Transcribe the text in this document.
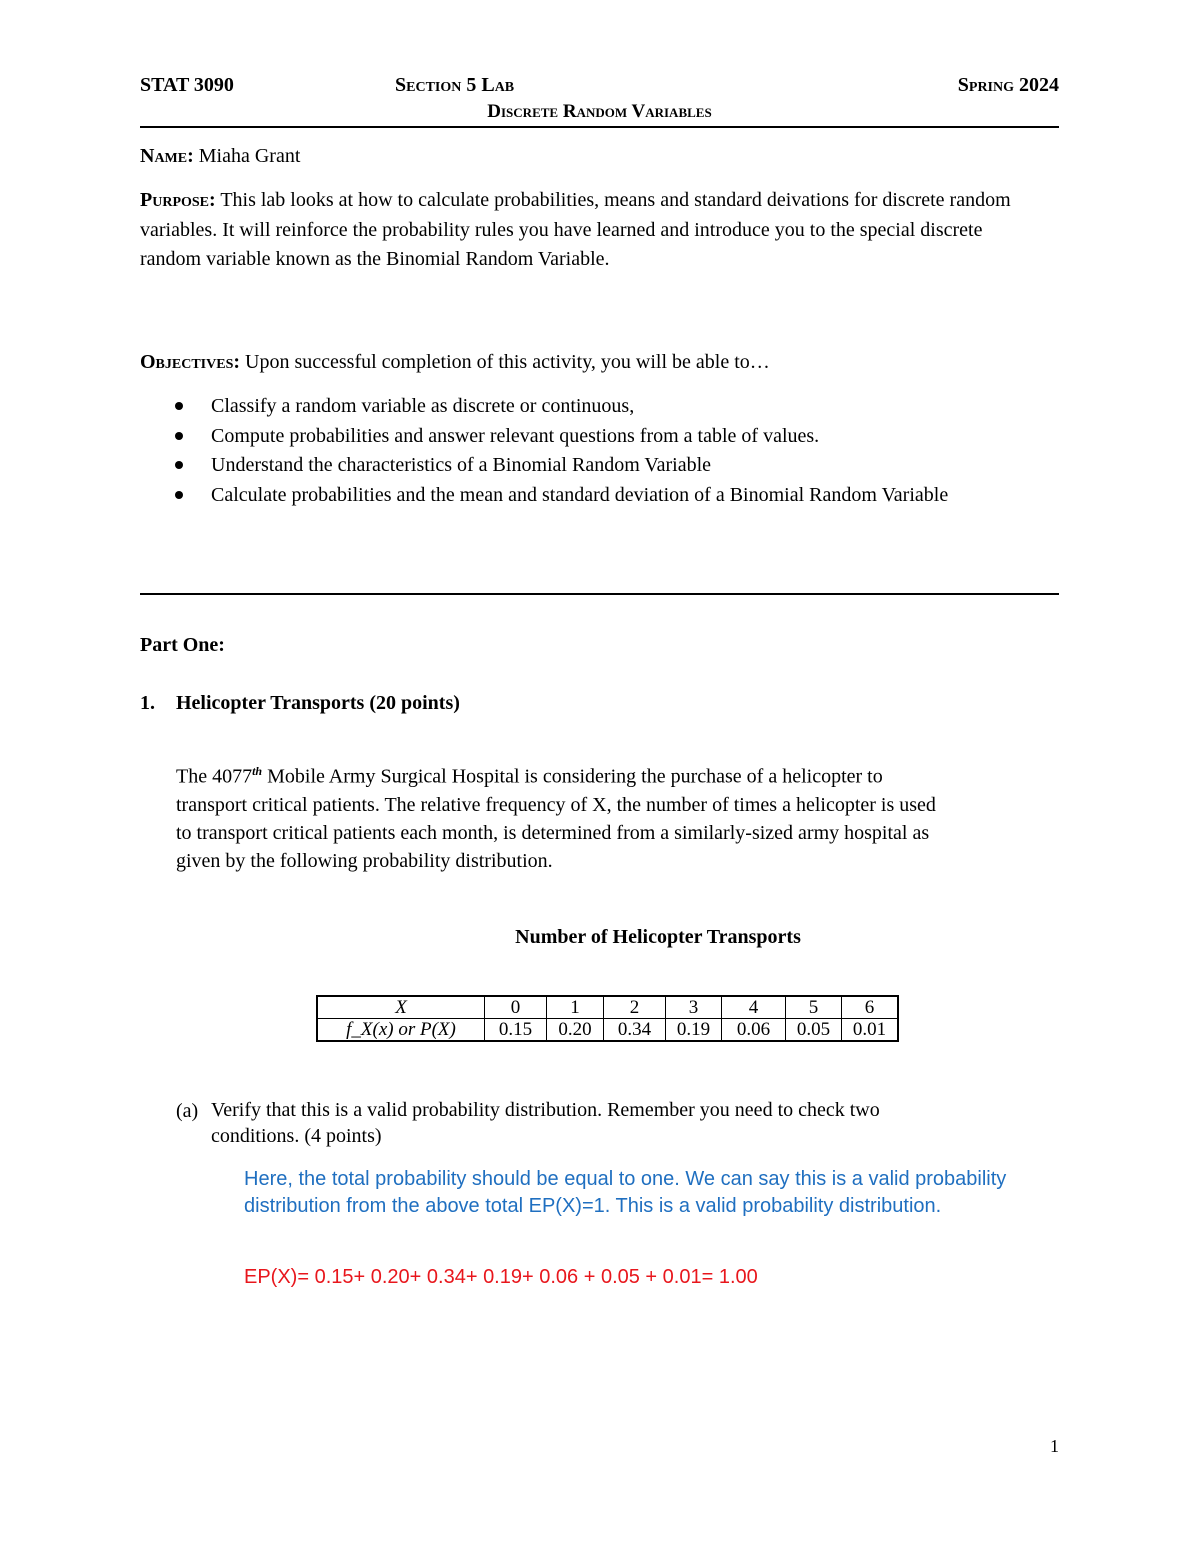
STAT 3090	Section 5 Lab	Spring 2024
Discrete Random Variables
Name: Miaha Grant
Purpose: This lab looks at how to calculate probabilities, means and standard deivations for discrete random variables. It will reinforce the probability rules you have learned and introduce you to the special discrete random variable known as the Binomial Random Variable.
Objectives: Upon successful completion of this activity, you will be able to…
Classify a random variable as discrete or continuous,
Compute probabilities and answer relevant questions from a table of values.
Understand the characteristics of a Binomial Random Variable
Calculate probabilities and the mean and standard deviation of a Binomial Random Variable
Part One:
1. Helicopter Transports (20 points)
The 4077th Mobile Army Surgical Hospital is considering the purchase of a helicopter to transport critical patients. The relative frequency of X, the number of times a helicopter is used to transport critical patients each month, is determined from a similarly-sized army hospital as given by the following probability distribution.
Number of Helicopter Transports
X	0	1	2	3	4	5	6
f_X(x) or P(X)	0.15	0.20	0.34	0.19	0.06	0.05	0.01
(a) Verify that this is a valid probability distribution. Remember you need to check two conditions. (4 points)
Here, the total probability should be equal to one. We can say this is a valid probability distribution from the above total EP(X)=1. This is a valid probability distribution.
EP(X)= 0.15+ 0.20+ 0.34+ 0.19+ 0.06 + 0.05 + 0.01= 1.00
1
